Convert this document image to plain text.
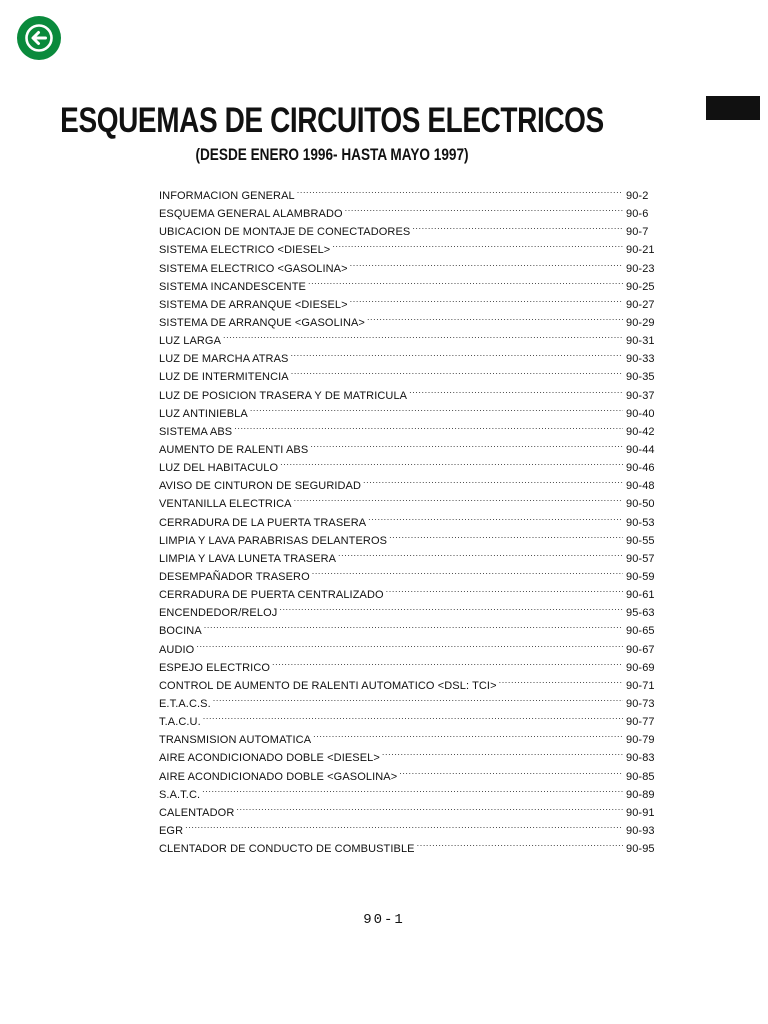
ESQUEMAS DE CIRCUITOS ELECTRICOS
(DESDE ENERO 1996- HASTA MAYO 1997)
INFORMACION GENERAL .....	90-2
ESQUEMA GENERAL ALAMBRADO .....	90-6
UBICACION DE MONTAJE DE CONECTADORES .....	90-7
SISTEMA ELECTRICO <DIESEL> .....	90-21
SISTEMA ELECTRICO <GASOLINA> .....	90-23
SISTEMA INCANDESCENTE .....	90-25
SISTEMA DE ARRANQUE <DIESEL> .....	90-27
SISTEMA DE ARRANQUE <GASOLINA> .....	90-29
LUZ LARGA .....	90-31
LUZ DE MARCHA ATRAS .....	90-33
LUZ DE INTERMITENCIA .....	90-35
LUZ DE POSICION TRASERA Y DE MATRICULA .....	90-37
LUZ ANTINIEBLA .....	90-40
SISTEMA ABS .....	90-42
AUMENTO DE RALENTI ABS .....	90-44
LUZ DEL HABITACULO .....	90-46
AVISO DE CINTURON DE SEGURIDAD .....	90-48
VENTANILLA ELECTRICA .....	90-50
CERRADURA DE LA PUERTA TRASERA .....	90-53
LIMPIA Y LAVA PARABRISAS DELANTEROS .....	90-55
LIMPIA Y LAVA LUNETA TRASERA .....	90-57
DESEMPAÑADOR TRASERO .....	90-59
CERRADURA DE PUERTA CENTRALIZADO .....	90-61
ENCENDEDOR/RELOJ .....	95-63
BOCINA .....	90-65
AUDIO .....	90-67
ESPEJO ELECTRICO .....	90-69
CONTROL DE AUMENTO DE RALENTI AUTOMATICO <DSL: TCI> .....	90-71
E.T.A.C.S. .....	90-73
T.A.C.U. .....	90-77
TRANSMISION AUTOMATICA .....	90-79
AIRE ACONDICIONADO DOBLE <DIESEL> .....	90-83
AIRE ACONDICIONADO DOBLE <GASOLINA> .....	90-85
S.A.T.C. .....	90-89
CALENTADOR .....	90-91
EGR .....	90-93
CLENTADOR DE CONDUCTO DE COMBUSTIBLE .....	90-95
90-1
